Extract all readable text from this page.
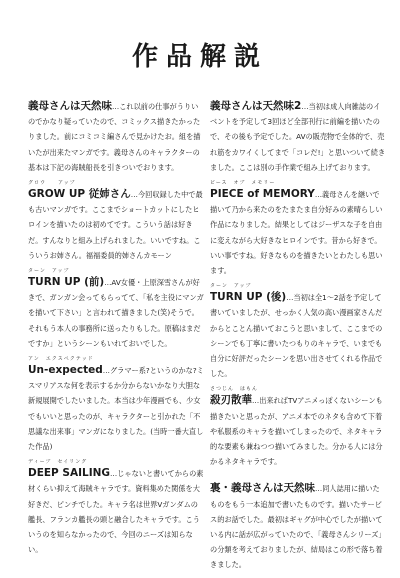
作品解説
義母さんは天然味…これ以前の仕事がうりいのでかなり疑っていたので、コミックス描きたかったりました。前にコミコミ編さんで見かけたお。組を描いたが出来たマンガです。義母さんのキャラクターの基本は下記の海賊船長を引きついでおります。
グロウ　　アップ
GROW UP 従姉さん…今回収録した中で最も古いマンガです。ここまでショートカットにしたヒロインを描いたのは初めてです。こういう話は好きだ。すんなりと組み上げられました。いいですね。こういうお姉さん。福福委員的姉さんカモーン
ターン　アップ
TURN UP (前)…AV女優・上原深雪さんが好きで、ガンガン会ってもらってて、「私を主役にマンガを描いて下さい」と言われて描きました(笑)そうで。それもう本人の事務所に送ったりもした。原稿はまだですか」というシーンもいれておいでした。
アン　エクスペクテッド
Un-expected…グラマー系?というのかな?ミスマリアスな何を表示するか分からないかなり大胆な新規展開でしたいました。本当は少年漫画でも、少女でもいいと思ったのが、キャラクターと引かれた「不思議な出来事」マンガになりました。(当時一番大直した作品)
ディープ　セイリング
DEEP SAILING…じゃないと書いてからの素材くらい抑えて海賊キャラです。資料集めた関係を大好きだ、ピンチでした。キャラ名は世界Vガンダムの艦長、フランカ艦長の頭と融合したキャラです。こういうのを知らなかったので、今回のニーズは知らない。
義母さんは天然味2…当初は成人向雑誌のイベントを予定して3回ほど全部刊行に前編を描いたので、その後も予定でした。AVの販売物で全体的で、売れ筋をカワイくしてまで「コレだ!」と思いついて続きました。ここは別の手作業で組み上げております。
ピース　オブ　メモリー
PIECE of MEMORY…義母さんを継いで描いて乃から来たのをたまたま自分好みの素晴らしい作品になりました。結果としてはジーザスな子を自由に変えながら大好きなヒロインです。昔から好きで。いい事ですね。好きなものを描きたいとわたしも思います。
ターン　アップ
TURN UP (後)…当初は全1～2話を予定して書いていましたが、せっかく人気の高い漫画家さんだからとことん描いておこうと思いまして、ここまでのシーンでも丁寧に書いたつもりのキャラで、いまでも自分に好評だったシーンを思い出させてくれる作品でした。
さつじん　はもん
殺刃散華…出来ればTVアニメっぽくないシーンも描きたいと思ったが、アニメ本でのネタも含めて下着や私服系のキャラを描いてしまったので、ネタキャラ的な要素も兼ねつつ描いてみました。分かる人には分かるネタキャラです。
裏・義母さんは天然味…同人誌用に描いたものをもう一本追加で書いたものです。描いたサービス的お話でした。最初はギャグが中心でしたが描いている内に話が広がっていたので、「義母さんシリーズ」の分類を考えておりましたが、結局はこの形で落ち着きました。
